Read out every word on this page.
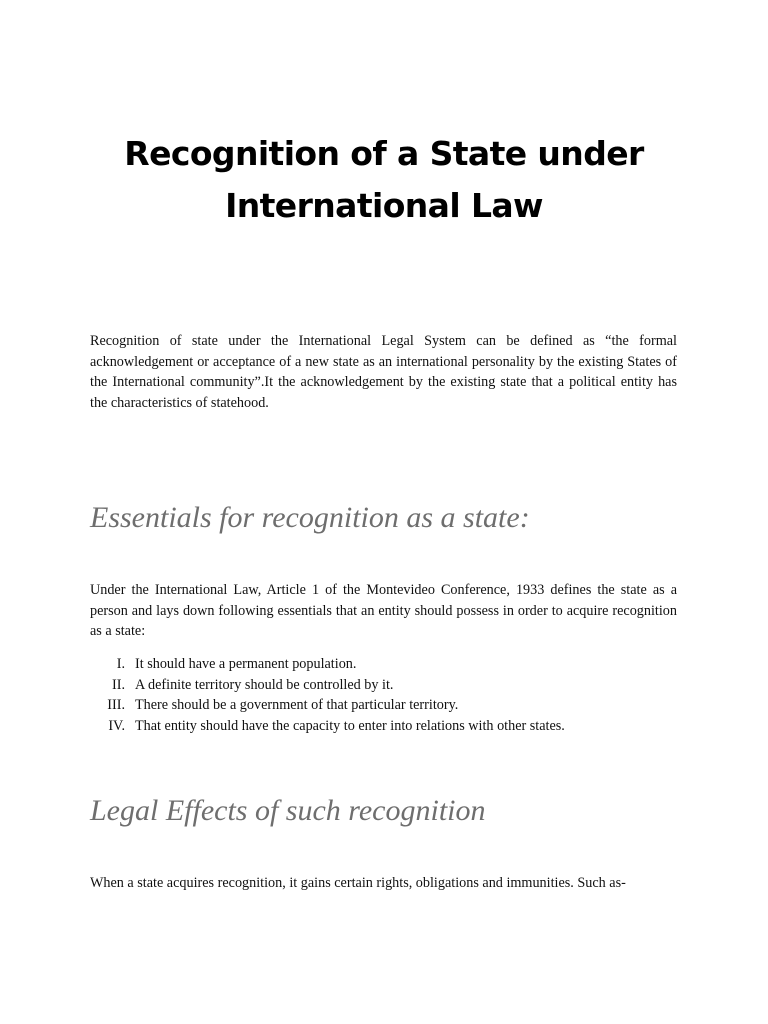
Recognition of a State under
International Law

Recognition of state under the International Legal System can be defined as “the formal acknowledgement or acceptance of a new state as an international personality by the existing States of the International community”.It the acknowledgement by the existing state that a political entity has the characteristics of statehood.

Essentials for recognition as a state:

Under the International Law, Article 1 of the Montevideo Conference, 1933 defines the state as a person and lays down following essentials that an entity should possess in order to acquire recognition as a state:

I. It should have a permanent population.
II. A definite territory should be controlled by it.
III. There should be a government of that particular territory.
IV. That entity should have the capacity to enter into relations with other states.
Legal Effects of such recognition

When a state acquires recognition, it gains certain rights, obligations and immunities. Such as-
